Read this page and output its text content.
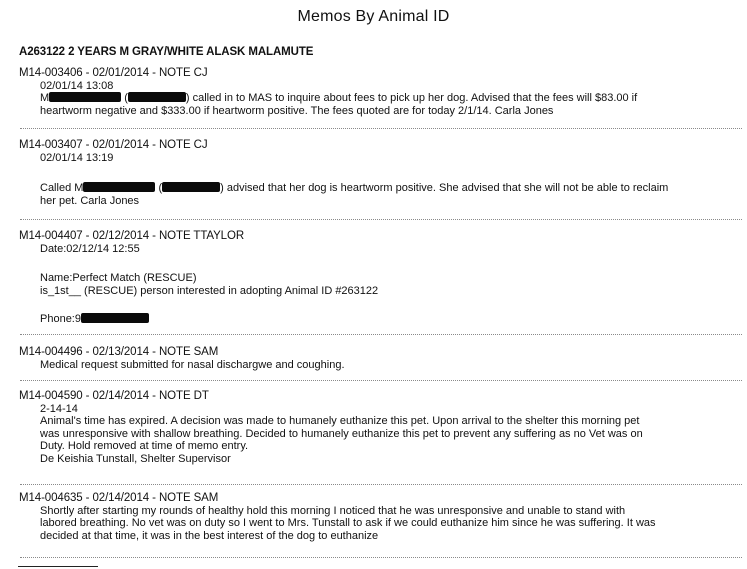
Memos By Animal ID
A263122 2 YEARS M GRAY/WHITE ALASK MALAMUTE
M14-003406 - 02/01/2014 - NOTE CJ
02/01/14 13:08
M	(	) called in to MAS to inquire about fees to pick up her dog. Advised that the fees will $83.00 if
heartworm negative and $333.00 if heartworm positive. The fees quoted are for today 2/1/14. Carla Jones
M14-003407 - 02/01/2014 - NOTE CJ
02/01/14 13:19
Called M	(	) advised that her dog is heartworm positive. She advised that she will not be able to reclaim
her pet. Carla Jones
M14-004407 - 02/12/2014 - NOTE TTAYLOR
Date:02/12/14 12:55
Name:Perfect Match (RESCUE)
is_1st__ (RESCUE) person interested in adopting Animal ID #263122
Phone:9
M14-004496 - 02/13/2014 - NOTE SAM
Medical request submitted for nasal dischargwe and coughing.
M14-004590 - 02/14/2014 - NOTE DT
2-14-14
Animal's time has expired. A decision was made to humanely euthanize this pet. Upon arrival to the shelter this morning pet
was unresponsive with shallow breathing. Decided to humanely euthanize this pet to prevent any suffering as no Vet was on
Duty. Hold removed at time of memo entry.
De Keishia Tunstall, Shelter Supervisor
M14-004635 - 02/14/2014 - NOTE SAM
Shortly after starting my rounds of healthy hold this morning I noticed that he was unresponsive and unable to stand with
labored breathing. No vet was on duty so I went to Mrs. Tunstall to ask if we could euthanize him since he was suffering. It was
decided at that time, it was in the best interest of the dog to euthanize
